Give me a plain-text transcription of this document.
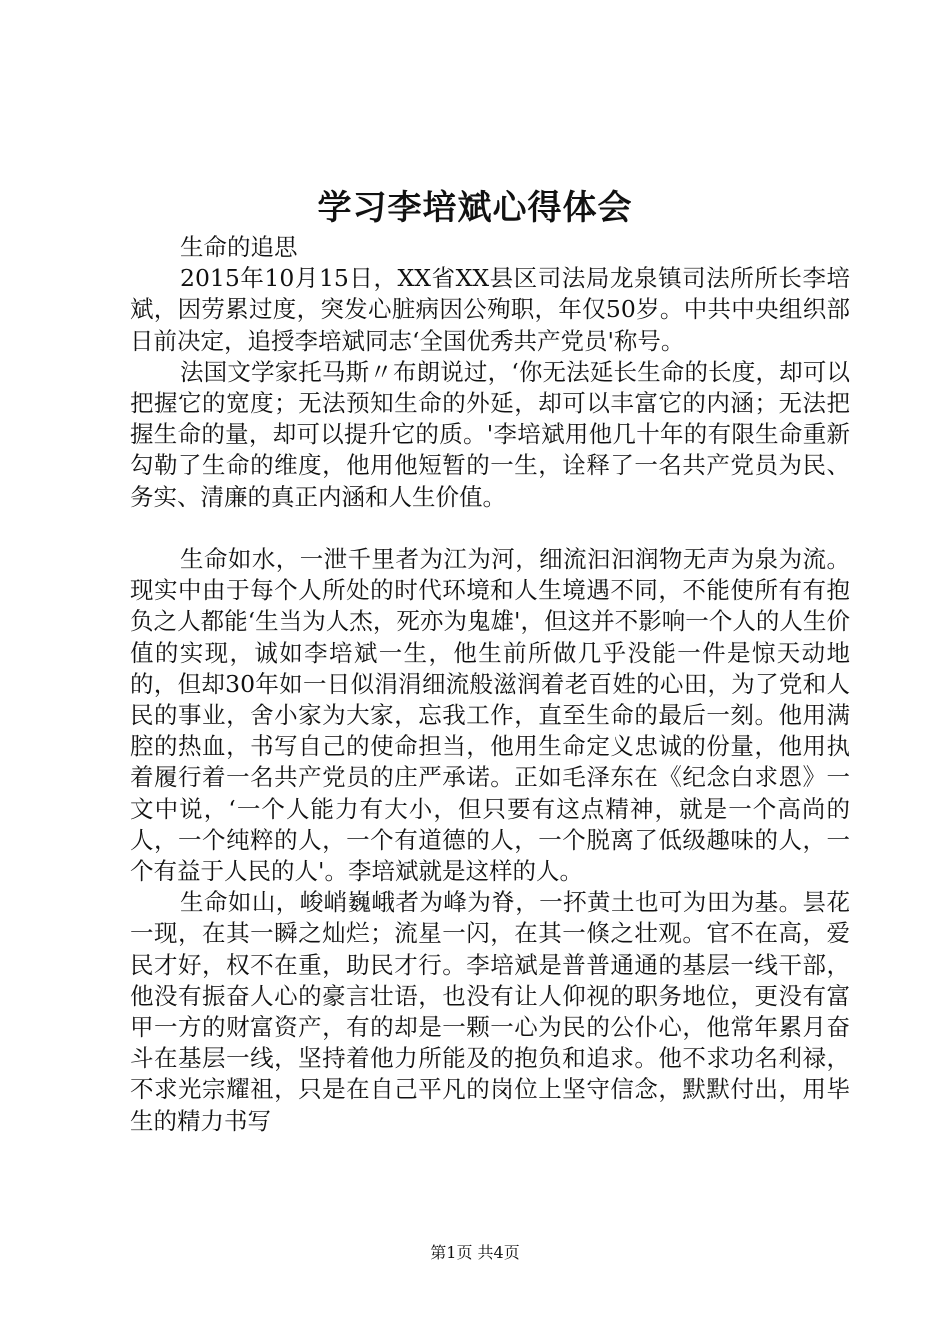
学习李培斌心得体会

生命的追思

2015年10月15日，XX省XX县区司法局龙泉镇司法所所长李培斌，因劳累过度，突发心脏病因公殉职，年仅50岁。中共中央组织部日前决定，追授李培斌同志‘全国优秀共产党员'称号。

法国文学家托马斯〃布朗说过，‘你无法延长生命的长度，却可以把握它的宽度；无法预知生命的外延，却可以丰富它的内涵；无法把握生命的量，却可以提升它的质。'李培斌用他几十年的有限生命重新勾勒了生命的维度，他用他短暂的一生，诠释了一名共产党员为民、务实、清廉的真正内涵和人生价值。

生命如水，一泄千里者为江为河，细流汩汩润物无声为泉为流。现实中由于每个人所处的时代环境和人生境遇不同，不能使所有有抱负之人都能‘生当为人杰，死亦为鬼雄'，但这并不影响一个人的人生价值的实现，诚如李培斌一生，他生前所做几乎没能一件是惊天动地的，但却30年如一日似涓涓细流般滋润着老百姓的心田，为了党和人民的事业，舍小家为大家，忘我工作，直至生命的最后一刻。他用满腔的热血，书写自己的使命担当，他用生命定义忠诚的份量，他用执着履行着一名共产党员的庄严承诺。正如毛泽东在《纪念白求恩》一文中说，‘一个人能力有大小，但只要有这点精神，就是一个高尚的人，一个纯粹的人，一个有道德的人，一个脱离了低级趣味的人，一个有益于人民的人'。李培斌就是这样的人。

生命如山，峻峭巍峨者为峰为脊，一抔黄土也可为田为基。昙花一现，在其一瞬之灿烂；流星一闪，在其一倏之壮观。官不在高，爱民才好，权不在重，助民才行。李培斌是普普通通的基层一线干部，他没有振奋人心的豪言壮语，也没有让人仰视的职务地位，更没有富甲一方的财富资产，有的却是一颗一心为民的公仆心，他常年累月奋斗在基层一线，坚持着他力所能及的抱负和追求。他不求功名利禄，不求光宗耀祖，只是在自己平凡的岗位上坚守信念，默默付出，用毕生的精力书写

第1页 共4页
